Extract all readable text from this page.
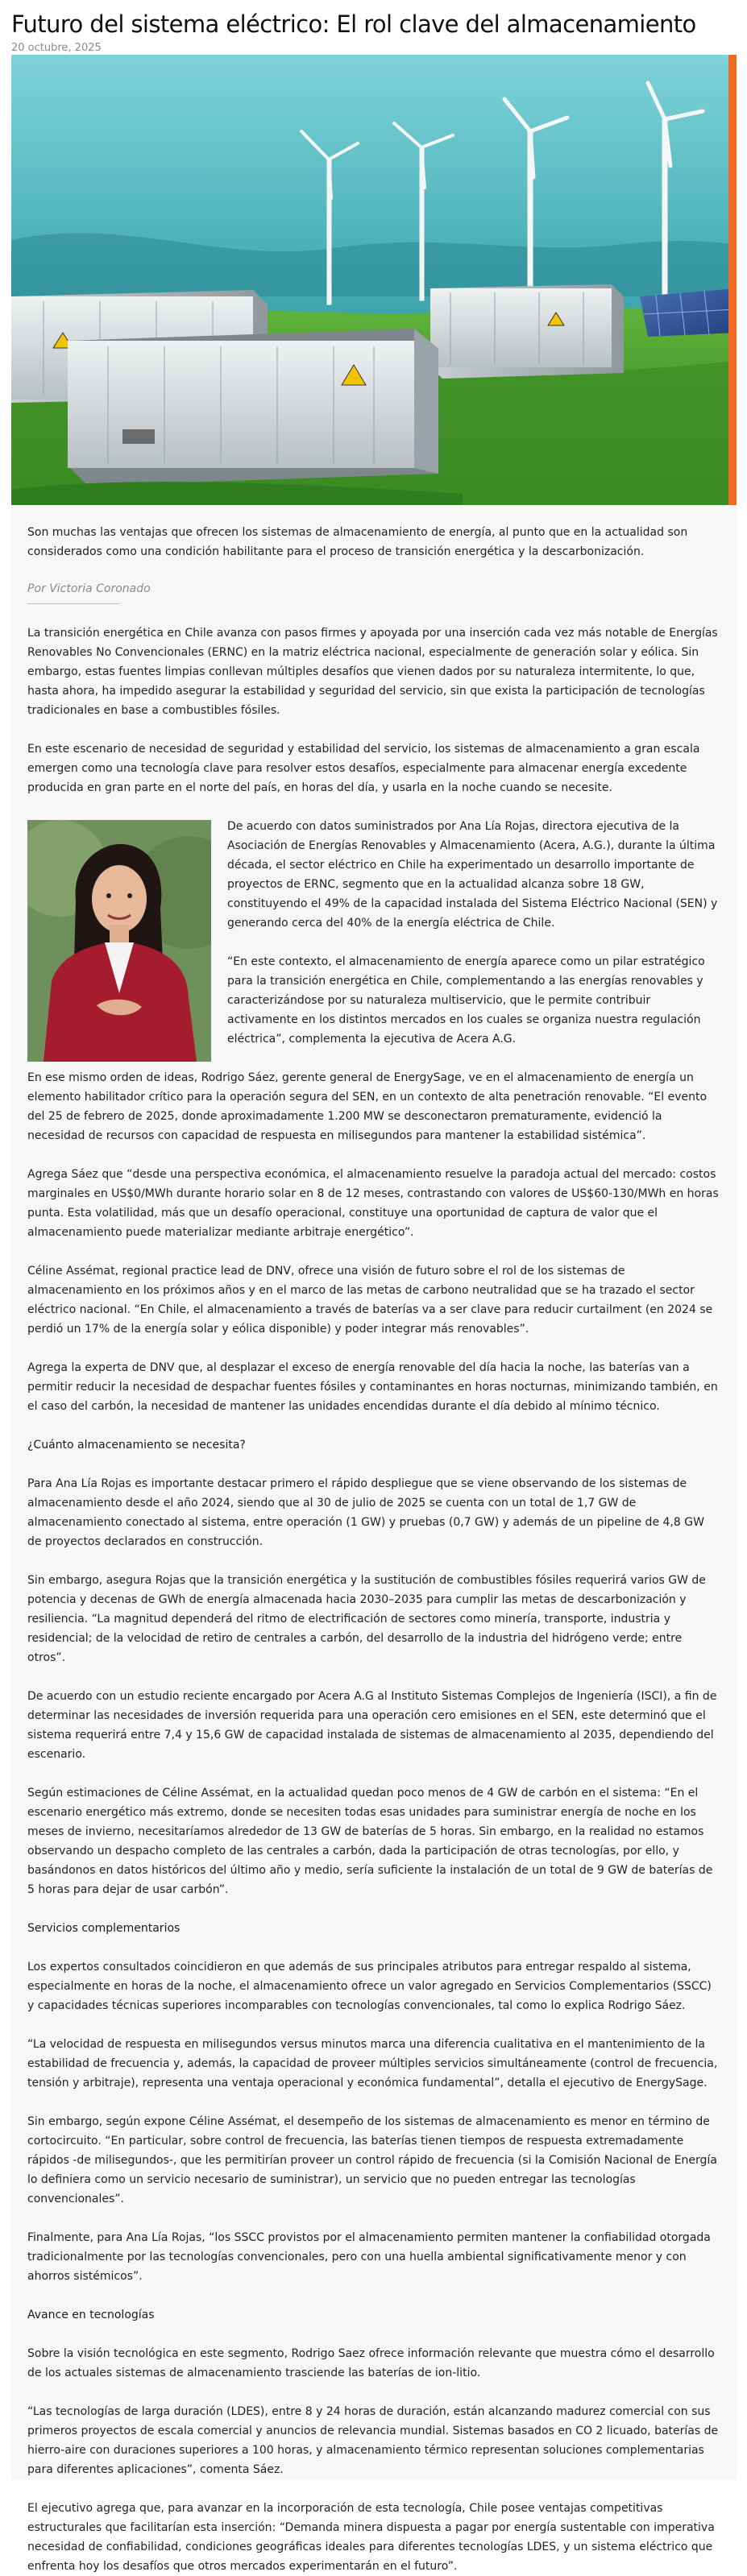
Futuro del sistema eléctrico: El rol clave del almacenamiento
20 octubre, 2025

Son muchas las ventajas que ofrecen los sistemas de almacenamiento de energía, al punto que en la actualidad son considerados como una condición habilitante para el proceso de transición energética y la descarbonización.

Por Victoria Coronado

La transición energética en Chile avanza con pasos firmes y apoyada por una inserción cada vez más notable de Energías Renovables No Convencionales (ERNC) en la matriz eléctrica nacional, especialmente de generación solar y eólica. Sin embargo, estas fuentes limpias conllevan múltiples desafíos que vienen dados por su naturaleza intermitente, lo que, hasta ahora, ha impedido asegurar la estabilidad y seguridad del servicio, sin que exista la participación de tecnologías tradicionales en base a combustibles fósiles.

En este escenario de necesidad de seguridad y estabilidad del servicio, los sistemas de almacenamiento a gran escala emergen como una tecnología clave para resolver estos desafíos, especialmente para almacenar energía excedente producida en gran parte en el norte del país, en horas del día, y usarla en la noche cuando se necesite.

De acuerdo con datos suministrados por Ana Lía Rojas, directora ejecutiva de la Asociación de Energías Renovables y Almacenamiento (Acera, A.G.), durante la última década, el sector eléctrico en Chile ha experimentado un desarrollo importante de proyectos de ERNC, segmento que en la actualidad alcanza sobre 18 GW, constituyendo el 49% de la capacidad instalada del Sistema Eléctrico Nacional (SEN) y generando cerca del 40% de la energía eléctrica de Chile.

“En este contexto, el almacenamiento de energía aparece como un pilar estratégico para la transición energética en Chile, complementando a las energías renovables y caracterizándose por su naturaleza multiservicio, que le permite contribuir activamente en los distintos mercados en los cuales se organiza nuestra regulación eléctrica”, complementa la ejecutiva de Acera A.G.

En ese mismo orden de ideas, Rodrigo Sáez, gerente general de EnergySage, ve en el almacenamiento de energía un elemento habilitador crítico para la operación segura del SEN, en un contexto de alta penetración renovable. “El evento del 25 de febrero de 2025, donde aproximadamente 1.200 MW se desconectaron prematuramente, evidenció la necesidad de recursos con capacidad de respuesta en milisegundos para mantener la estabilidad sistémica”.

Agrega Sáez que “desde una perspectiva económica, el almacenamiento resuelve la paradoja actual del mercado: costos marginales en US$0/MWh durante horario solar en 8 de 12 meses, contrastando con valores de US$60-130/MWh en horas punta. Esta volatilidad, más que un desafío operacional, constituye una oportunidad de captura de valor que el almacenamiento puede materializar mediante arbitraje energético”.

Céline Assémat, regional practice lead de DNV, ofrece una visión de futuro sobre el rol de los sistemas de almacenamiento en los próximos años y en el marco de las metas de carbono neutralidad que se ha trazado el sector eléctrico nacional. “En Chile, el almacenamiento a través de baterías va a ser clave para reducir curtailment (en 2024 se perdió un 17% de la energía solar y eólica disponible) y poder integrar más renovables”.

Agrega la experta de DNV que, al desplazar el exceso de energía renovable del día hacia la noche, las baterías van a permitir reducir la necesidad de despachar fuentes fósiles y contaminantes en horas nocturnas, minimizando también, en el caso del carbón, la necesidad de mantener las unidades encendidas durante el día debido al mínimo técnico.

¿Cuánto almacenamiento se necesita?

Para Ana Lía Rojas es importante destacar primero el rápido despliegue que se viene observando de los sistemas de almacenamiento desde el año 2024, siendo que al 30 de julio de 2025 se cuenta con un total de 1,7 GW de almacenamiento conectado al sistema, entre operación (1 GW) y pruebas (0,7 GW) y además de un pipeline de 4,8 GW de proyectos declarados en construcción.

Sin embargo, asegura Rojas que la transición energética y la sustitución de combustibles fósiles requerirá varios GW de potencia y decenas de GWh de energía almacenada hacia 2030–2035 para cumplir las metas de descarbonización y resiliencia. “La magnitud dependerá del ritmo de electrificación de sectores como minería, transporte, industria y residencial; de la velocidad de retiro de centrales a carbón, del desarrollo de la industria del hidrógeno verde; entre otros”.

De acuerdo con un estudio reciente encargado por Acera A.G al Instituto Sistemas Complejos de Ingeniería (ISCI), a fin de determinar las necesidades de inversión requerida para una operación cero emisiones en el SEN, este determinó que el sistema requerirá entre 7,4 y 15,6 GW de capacidad instalada de sistemas de almacenamiento al 2035, dependiendo del escenario.

Según estimaciones de Céline Assémat, en la actualidad quedan poco menos de 4 GW de carbón en el sistema: “En el escenario energético más extremo, donde se necesiten todas esas unidades para suministrar energía de noche en los meses de invierno, necesitaríamos alrededor de 13 GW de baterías de 5 horas. Sin embargo, en la realidad no estamos observando un despacho completo de las centrales a carbón, dada la participación de otras tecnologías, por ello, y basándonos en datos históricos del último año y medio, sería suficiente la instalación de un total de 9 GW de baterías de 5 horas para dejar de usar carbón”.

Servicios complementarios

Los expertos consultados coincidieron en que además de sus principales atributos para entregar respaldo al sistema, especialmente en horas de la noche, el almacenamiento ofrece un valor agregado en Servicios Complementarios (SSCC) y capacidades técnicas superiores incomparables con tecnologías convencionales, tal como lo explica Rodrigo Sáez.

“La velocidad de respuesta en milisegundos versus minutos marca una diferencia cualitativa en el mantenimiento de la estabilidad de frecuencia y, además, la capacidad de proveer múltiples servicios simultáneamente (control de frecuencia, tensión y arbitraje), representa una ventaja operacional y económica fundamental”, detalla el ejecutivo de EnergySage.

Sin embargo, según expone Céline Assémat, el desempeño de los sistemas de almacenamiento es menor en término de cortocircuito. “En particular, sobre control de frecuencia, las baterías tienen tiempos de respuesta extremadamente rápidos -de milisegundos-, que les permitirían proveer un control rápido de frecuencia (si la Comisión Nacional de Energía lo definiera como un servicio necesario de suministrar), un servicio que no pueden entregar las tecnologías convencionales”.

Finalmente, para Ana Lía Rojas, “los SSCC provistos por el almacenamiento permiten mantener la confiabilidad otorgada tradicionalmente por las tecnologías convencionales, pero con una huella ambiental significativamente menor y con ahorros sistémicos”.

Avance en tecnologías

Sobre la visión tecnológica en este segmento, Rodrigo Saez ofrece información relevante que muestra cómo el desarrollo de los actuales sistemas de almacenamiento trasciende las baterías de ion-litio.

“Las tecnologías de larga duración (LDES), entre 8 y 24 horas de duración, están alcanzando madurez comercial con sus primeros proyectos de escala comercial y anuncios de relevancia mundial. Sistemas basados en CO 2 licuado, baterías de hierro-aire con duraciones superiores a 100 horas, y almacenamiento térmico representan soluciones complementarias para diferentes aplicaciones”, comenta Sáez.

El ejecutivo agrega que, para avanzar en la incorporación de esta tecnología, Chile posee ventajas competitivas estructurales que facilitarían esta inserción: “Demanda minera dispuesta a pagar por energía sustentable con imperativa necesidad de confiabilidad, condiciones geográficas ideales para diferentes tecnologías LDES, y un sistema eléctrico que enfrenta hoy los desafíos que otros mercados experimentarán en el futuro”.
